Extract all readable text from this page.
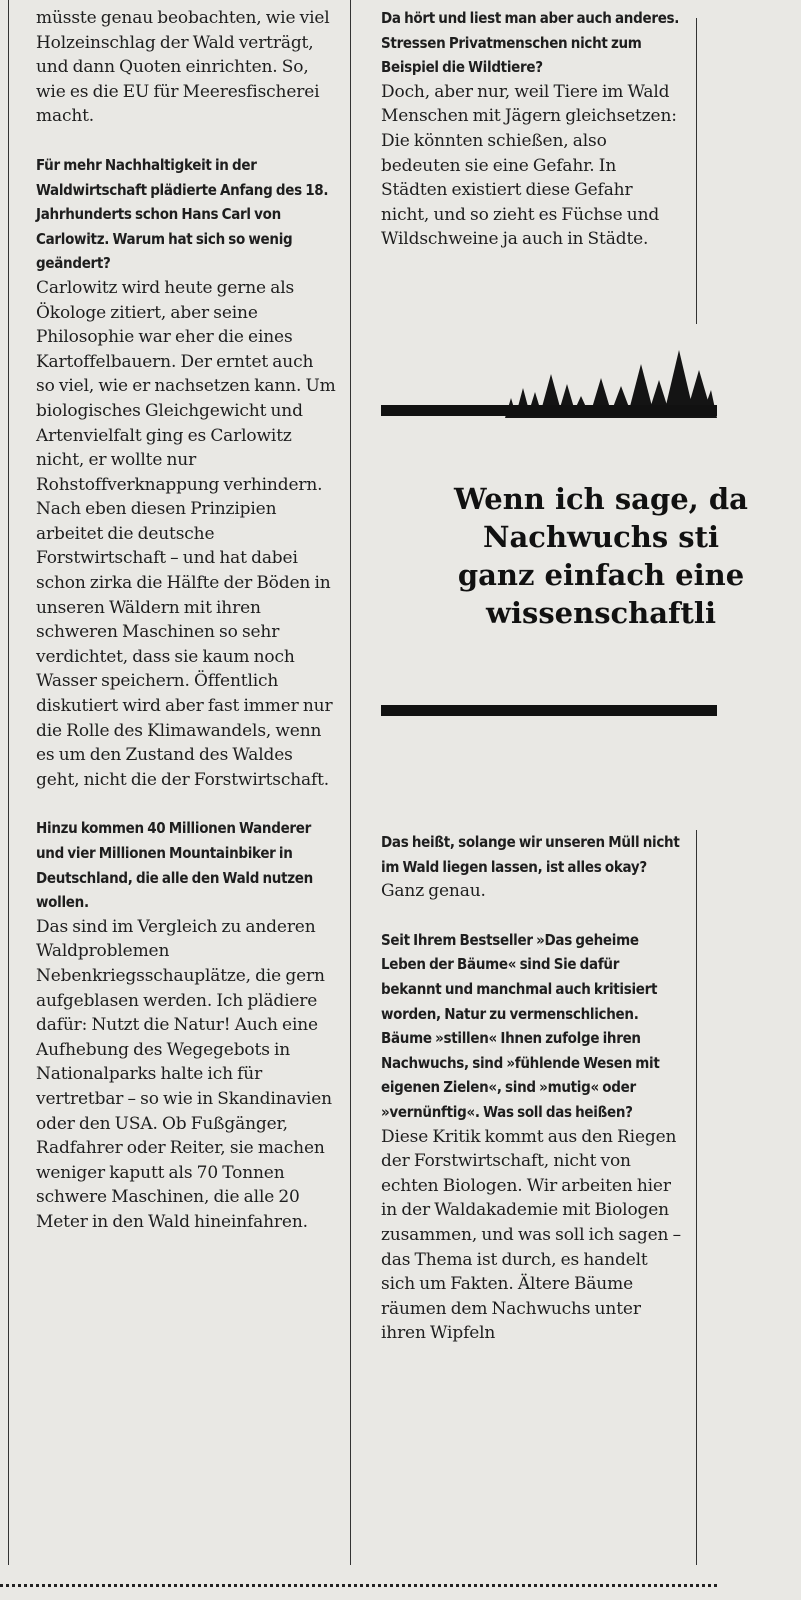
müsste genau beobachten, wie viel Holzeinschlag der Wald verträgt, und dann Quoten einrichten. So, wie es die EU für Meeresfischerei macht.

Für mehr Nachhaltigkeit in der Waldwirtschaft plädierte Anfang des 18. Jahrhunderts schon Hans Carl von Carlowitz. Warum hat sich so wenig geändert?
Carlowitz wird heute gerne als Ökologe zitiert, aber seine Philosophie war eher die eines Kartoffelbauern. Der erntet auch so viel, wie er nachsetzen kann. Um biologisches Gleichgewicht und Artenvielfalt ging es Carlowitz nicht, er wollte nur Rohstoffverknappung verhindern. Nach eben diesen Prinzipien arbeitet die deutsche Forstwirtschaft – und hat dabei schon zirka die Hälfte der Böden in unseren Wäldern mit ihren schweren Maschinen so sehr verdichtet, dass sie kaum noch Wasser speichern. Öffentlich diskutiert wird aber fast immer nur die Rolle des Klimawandels, wenn es um den Zustand des Waldes geht, nicht die der Forstwirtschaft.

Hinzu kommen 40 Millionen Wanderer und vier Millionen Mountainbiker in Deutschland, die alle den Wald nutzen wollen.
Das sind im Vergleich zu anderen Waldproblemen Nebenkriegsschauplätze, die gern aufgeblasen werden. Ich plädiere dafür: Nutzt die Natur! Auch eine Aufhebung des Wegegebots in Nationalparks halte ich für vertretbar – so wie in Skandinavien oder den USA. Ob Fußgänger, Radfahrer oder Reiter, sie machen weniger kaputt als 70 Tonnen schwere Maschinen, die alle 20 Meter in den Wald hineinfahren.

Da hört und liest man aber auch anderes. Stressen Privatmenschen nicht zum Beispiel die Wildtiere?
Doch, aber nur, weil Tiere im Wald Menschen mit Jägern gleichsetzen: Die könnten schießen, also bedeuten sie eine Gefahr. In Städten existiert diese Gefahr nicht, und so zieht es Füchse und Wildschweine ja auch in Städte.

Wenn ich sage, da
Nachwuchs sti
ganz einfach eine
wissenschaftli

Das heißt, solange wir unseren Müll nicht im Wald liegen lassen, ist alles okay?
Ganz genau.

Seit Ihrem Bestseller »Das geheime Leben der Bäume« sind Sie dafür bekannt und manchmal auch kritisiert worden, Natur zu vermenschlichen. Bäume »stillen« Ihnen zufolge ihren Nachwuchs, sind »fühlende Wesen mit eigenen Zielen«, sind »mutig« oder »vernünftig«. Was soll das heißen?
Diese Kritik kommt aus den Riegen der Forstwirtschaft, nicht von echten Biologen. Wir arbeiten hier in der Waldakademie mit Biologen zusammen, und was soll ich sagen – das Thema ist durch, es handelt sich um Fakten. Ältere Bäume räumen dem Nachwuchs unter ihren Wipfeln
